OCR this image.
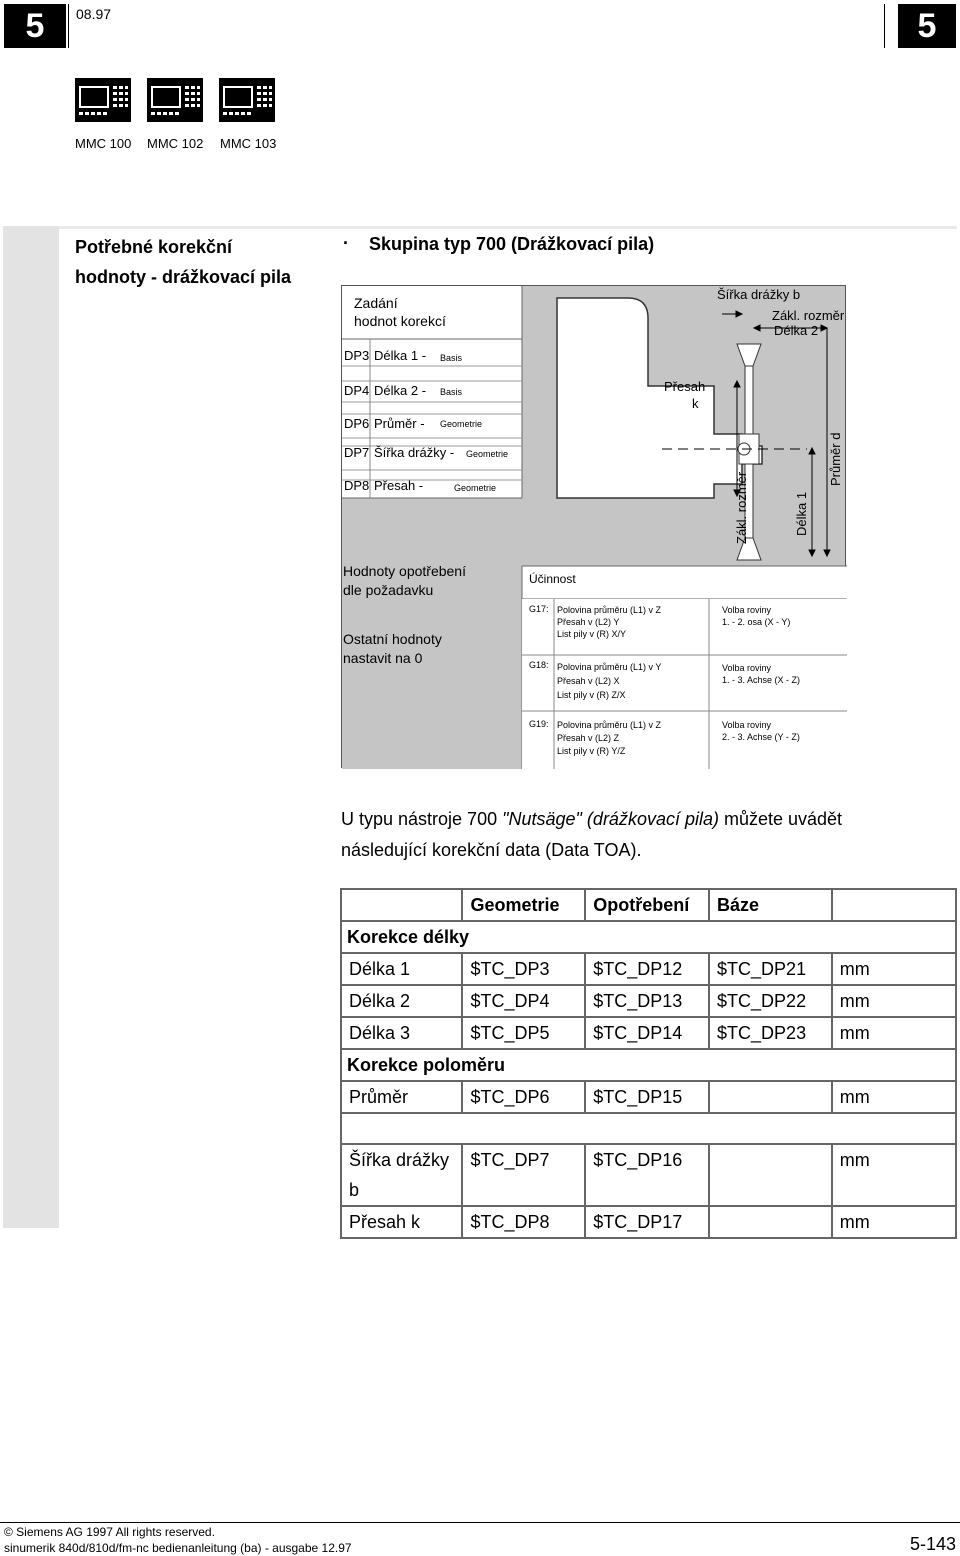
5	08.97	5
MMC 100 MMC 102 MMC 103
Potřebné korekční
hodnoty - drážkovací pila
· Skupina typ 700 (Drážkovací pila)
Zadání
hodnot korekcí
DP3 Délka 1 - Basis
DP4 Délka 2 - Basis
DP6 Průměr - Geometrie
DP7 Šířka drážky - Geometrie
DP8 Přesah -	Geometrie
Šířka drážky b
Zákl. rozměr
Délka 2
Přesah
k
Zákl. rozměr	Délka 1
Průměr d
Hodnoty opotřebení
dle požadavku
Ostatní hodnoty
nastavit na 0
Účinnost
G17: Polovina průměru (L1) v Z
Přesah v (L2) Y
List pily v (R) X/Y
Volba roviny
1. - 2. osa (X - Y)
G18: Polovina průměru (L1) v Y
Přesah v (L2) X
List pily v (R) Z/X
Volba roviny
1. - 3. Achse (X - Z)
G19: Polovina průměru (L1) v Z
Přesah v (L2) Z
List pily v (R) Y/Z
Volba roviny
2. - 3. Achse (Y - Z)
U typu nástroje 700 "Nutsäge" (drážkovací pila) můžete uvádět
následující korekční data (Data TOA).
	Geometrie	Opotřebení	Báze	
Korekce délky				
Délka 1	$TC_DP3	$TC_DP12	$TC_DP21	mm
Délka 2	$TC_DP4	$TC_DP13	$TC_DP22	mm
Délka 3	$TC_DP5	$TC_DP14	$TC_DP23	mm
Korekce poloměru				
Průměr	$TC_DP6	$TC_DP15		mm

Šířka drážky b	$TC_DP7	$TC_DP16		mm
Přesah k	$TC_DP8	$TC_DP17		mm
© Siemens AG 1997 All rights reserved.
sinumerik 840d/810d/fm-nc bedienanleitung (ba) - ausgabe 12.97	5-143
